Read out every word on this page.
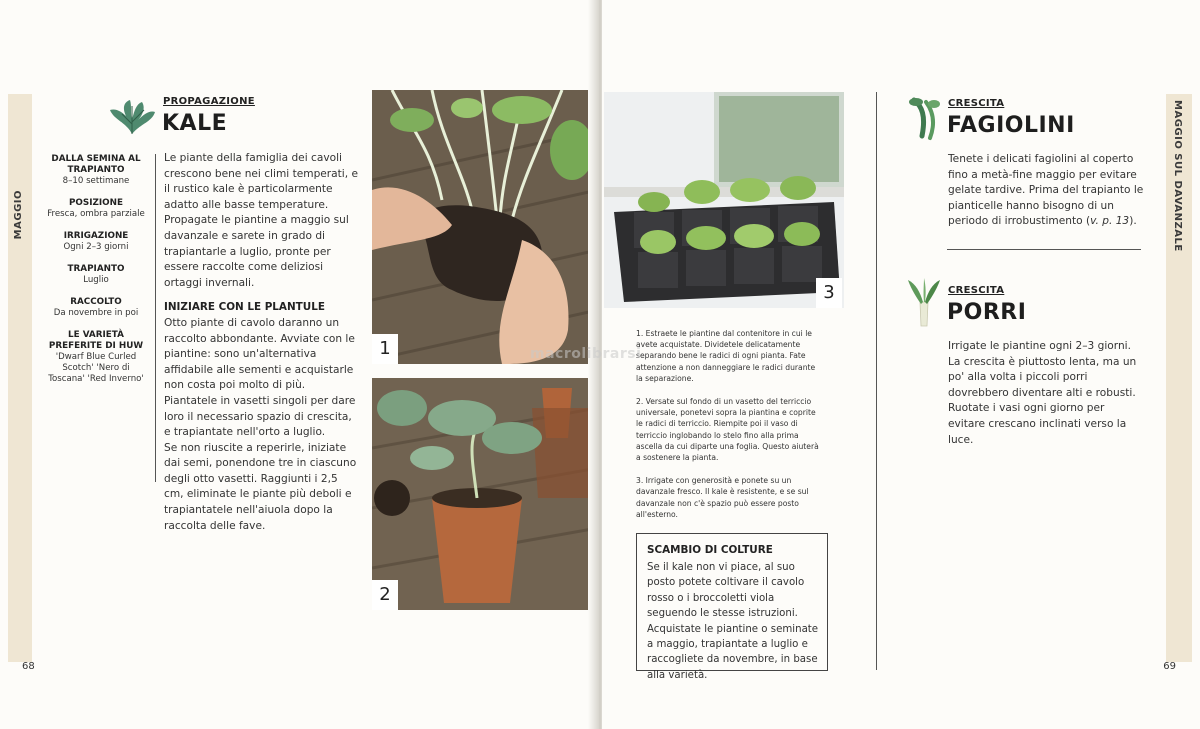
MAGGIO
68
PROPAGAZIONE
KALE
DALLA SEMINA AL TRAPIANTO
8–10 settimane
POSIZIONE
Fresca, ombra parziale
IRRIGAZIONE
Ogni 2–3 giorni
TRAPIANTO
Luglio
RACCOLTO
Da novembre in poi
LE VARIETÀ PREFERITE DI HUW
'Dwarf Blue Curled Scotch' 'Nero di Toscana' 'Red Inverno'
Le piante della famiglia dei cavoli crescono bene nei climi temperati, e il rustico kale è particolarmente adatto alle basse temperature.
Propagate le piantine a maggio sul davanzale e sarete in grado di trapiantarle a luglio, pronte per essere raccolte come deliziosi ortaggi invernali.
INIZIARE CON LE PLANTULE
Otto piante di cavolo daranno un raccolto abbondante. Avviate con le piantine: sono un'alternativa affidabile alle sementi e acquistarle non costa poi molto di più. Piantatele in vasetti singoli per dare loro il necessario spazio di crescita, e trapiantate nell'orto a luglio.
Se non riuscite a reperirle, iniziate dai semi, ponendone tre in ciascuno degli otto vasetti. Raggiunti i 2,5 cm, eliminate le piante più deboli e trapiantatele nell'aiuola dopo la raccolta delle fave.
1
2
MAGGIO SUL DAVANZALE
69
3

1. Estraete le piantine dal contenitore in cui le avete acquistate. Dividetele delicatamente separando bene le radici di ogni pianta. Fate attenzione a non danneggiare le radici durante la separazione.

2. Versate sul fondo di un vasetto del terriccio universale, ponetevi sopra la piantina e coprite le radici di terriccio. Riempite poi il vaso di terriccio inglobando lo stelo fino alla prima ascella da cui diparte una foglia. Questo aiuterà a sostenere la pianta.

3. Irrigate con generosità e ponete su un davanzale fresco. Il kale è resistente, e se sul davanzale non c'è spazio può essere posto all'esterno.

SCAMBIO DI COLTURE
Se il kale non vi piace, al suo posto potete coltivare il cavolo rosso o i broccoletti viola seguendo le stesse istruzioni. Acquistate le piantine o seminate a maggio, trapiantate a luglio e raccogliete da novembre, in base alla varietà.
CRESCITA
FAGIOLINI
Tenete i delicati fagiolini al coperto fino a metà-fine maggio per evitare gelate tardive. Prima del trapianto le pianticelle hanno bisogno di un periodo di irrobustimento (v. p. 13).
CRESCITA
PORRI
Irrigate le piantine ogni 2–3 giorni. La crescita è piuttosto lenta, ma un po' alla volta i piccoli porri dovrebbero diventare alti e robusti. Ruotate i vasi ogni giorno per evitare crescano inclinati verso la luce.
macrolibrarsi
